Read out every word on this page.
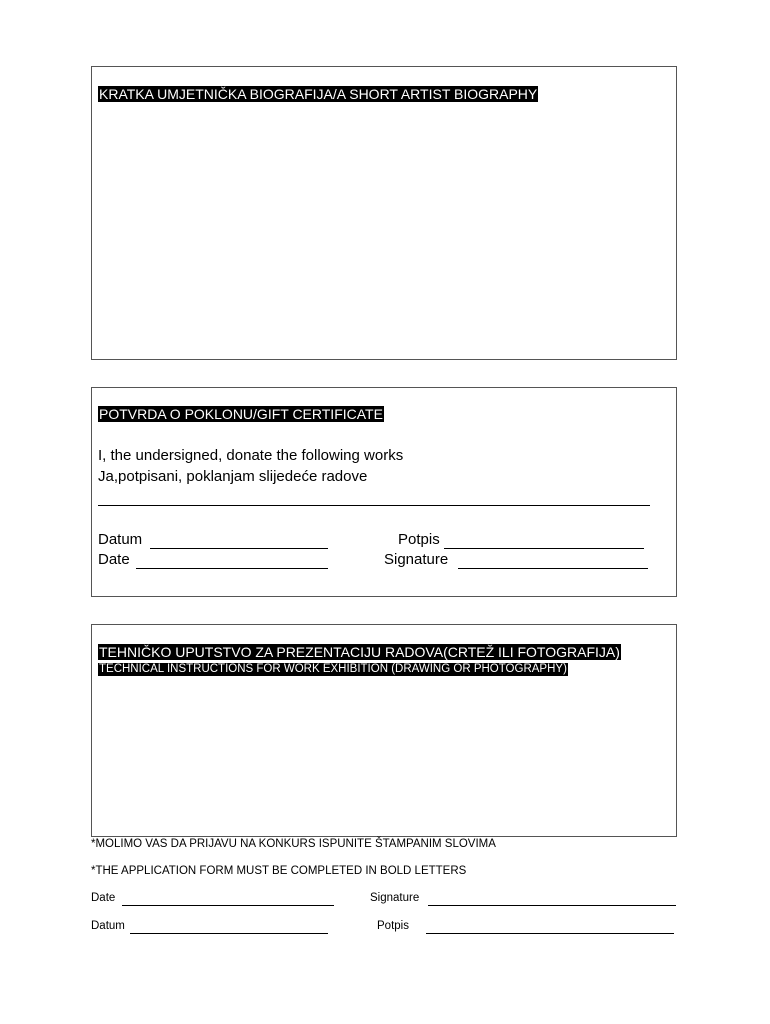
KRATKA UMJETNIČKA BIOGRAFIJA/A SHORT ARTIST BIOGRAPHY
POTVRDA O POKLONU/GIFT CERTIFICATE
I, the undersigned, donate the following works
Ja,potpisani, poklanjam slijedeće radove
Datum	Potpis
Date	Signature
TEHNIČKO UPUTSTVO ZA PREZENTACIJU RADOVA(CRTEŽ ILI FOTOGRAFIJA)
TECHNICAL INSTRUCTIONS FOR WORK EXHIBITION (DRAWING OR PHOTOGRAPHY)
*MOLIMO VAS DA PRIJAVU NA KONKURS ISPUNITE ŠTAMPANIM SLOVIMA
*THE APPLICATION FORM MUST BE COMPLETED IN BOLD LETTERS
Date	Signature
Datum	Potpis
